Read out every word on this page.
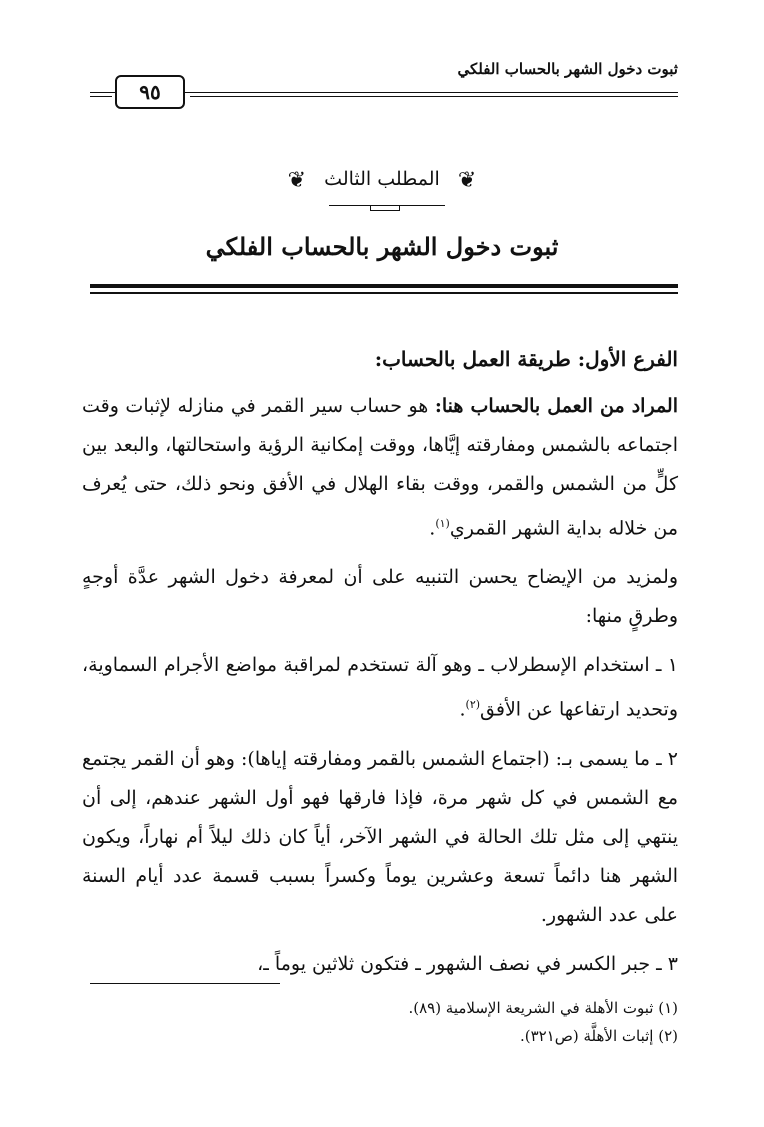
ثبوت دخول الشهر بالحساب الفلكي
٩٥
❦ المطلب الثالث ❦
ثبوت دخول الشهر بالحساب الفلكي

الفرع الأول: طريقة العمل بالحساب:

المراد من العمل بالحساب هنا: هو حساب سير القمر في منازله لإثبات وقت اجتماعه بالشمس ومفارقته إيَّاها، ووقت إمكانية الرؤية واستحالتها، والبعد بين كلٍّ من الشمس والقمر، ووقت بقاء الهلال في الأفق ونحو ذلك، حتى يُعرف من خلاله بداية الشهر القمري$^{(١)}$.

ولمزيد من الإيضاح يحسن التنبيه على أن لمعرفة دخول الشهر عدَّة أوجهٍ وطرقٍ منها:

١ ـ استخدام الإسطرلاب ـ وهو آلة تستخدم لمراقبة مواضع الأجرام السماوية، وتحديد ارتفاعها عن الأفق$^{(٢)}$.

٢ ـ ما يسمى بـ: (اجتماع الشمس بالقمر ومفارقته إياها): وهو أن القمر يجتمع مع الشمس في كل شهر مرة، فإذا فارقها فهو أول الشهر عندهم، إلى أن ينتهي إلى مثل تلك الحالة في الشهر الآخر، أياً كان ذلك ليلاً أم نهاراً، ويكون الشهر هنا دائماً تسعة وعشرين يوماً وكسراً بسبب قسمة عدد أيام السنة على عدد الشهور.

٣ ـ جبر الكسر في نصف الشهور ـ فتكون ثلاثين يوماً ـ،

(١) ثبوت الأهلة في الشريعة الإسلامية (٨٩).

(٢) إثبات الأهلَّة (ص٣٢١).
